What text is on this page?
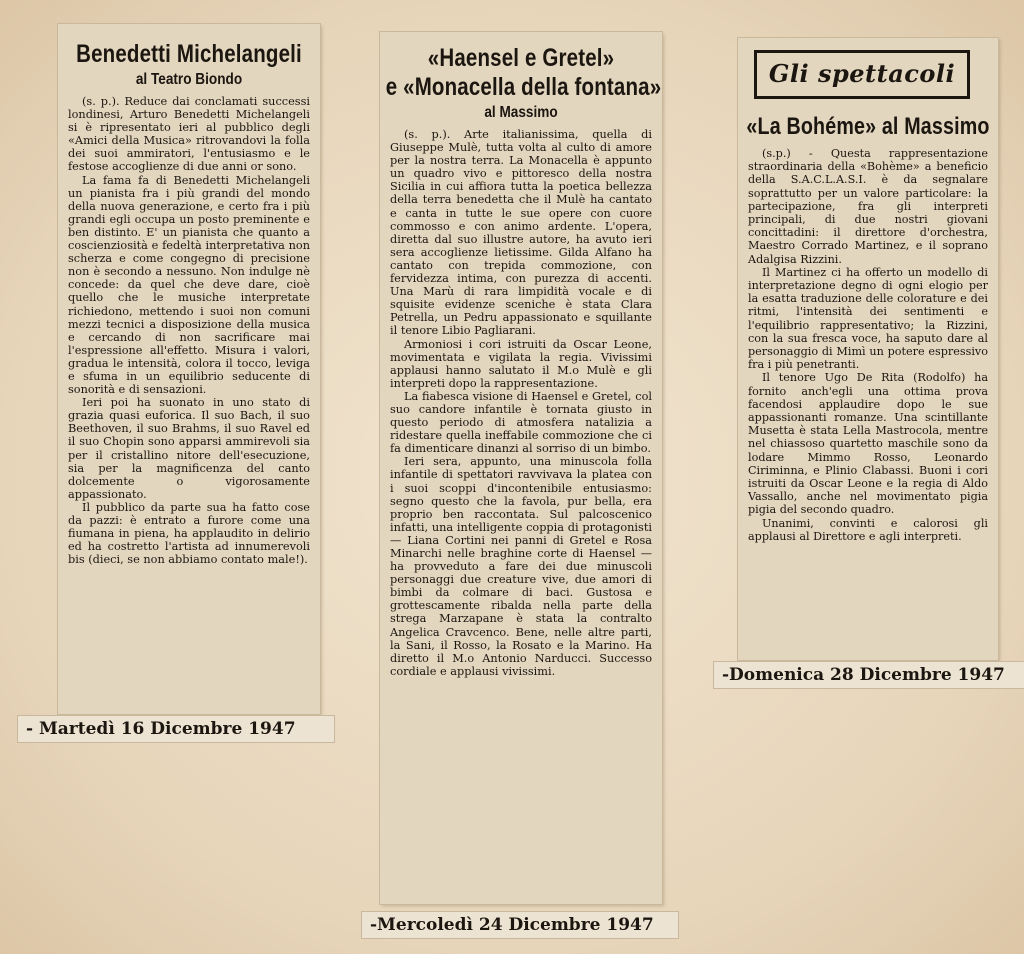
Benedetti Michelangeli
al Teatro Biondo

(s. p.). Reduce dai conclamati successi londinesi, Arturo Benedetti Michelangeli si è ripresentato ieri al pubblico degli «Amici della Musica» ritrovandovi la folla dei suoi ammiratori, l'entusiasmo e le festose accoglienze di due anni or sono.

La fama fa di Benedetti Michelangeli un pianista fra i più grandi del mondo della nuova generazione, e certo fra i più grandi egli occupa un posto preminente e ben distinto. E' un pianista che quanto a coscienziosità e fedeltà interpretativa non scherza e come congegno di precisione non è secondo a nessuno. Non indulge nè concede: da quel che deve dare, cioè quello che le musiche interpretate richiedono, mettendo i suoi non comuni mezzi tecnici a disposizione della musica e cercando di non sacrificare mai l'espressione all'effetto. Misura i valori, gradua le intensità, colora il tocco, leviga e sfuma in un equilibrio seducente di sonorità e di sensazioni.

Ieri poi ha suonato in uno stato di grazia quasi euforica. Il suo Bach, il suo Beethoven, il suo Brahms, il suo Ravel ed il suo Chopin sono apparsi ammirevoli sia per il cristallino nitore dell'esecuzione, sia per la magnificenza del canto dolcemente o vigorosamente appassionato.

Il pubblico da parte sua ha fatto cose da pazzi: è entrato a furore come una fiumana in piena, ha applaudito in delirio ed ha costretto l'artista ad innumerevoli bis (dieci, se non abbiamo contato male!).

- Martedì 16 Dicembre 1947
«Haensel e Gretel»
e «Monacella della fontana»
al Massimo

(s. p.). Arte italianissima, quella di Giuseppe Mulè, tutta volta al culto di amore per la nostra terra. La Monacella è appunto un quadro vivo e pittoresco della nostra Sicilia in cui affiora tutta la poetica bellezza della terra benedetta che il Mulè ha cantato e canta in tutte le sue opere con cuore commosso e con animo ardente. L'opera, diretta dal suo illustre autore, ha avuto ieri sera accoglienze lietissime. Gilda Alfano ha cantato con trepida commozione, con fervidezza intima, con purezza di accenti. Una Marù di rara limpidità vocale e di squisite evidenze sceniche è stata Clara Petrella, un Pedru appassionato e squillante il tenore Libio Pagliarani.

Armoniosi i cori istruiti da Oscar Leone, movimentata e vigilata la regia. Vivissimi applausi hanno salutato il M.o Mulè e gli interpreti dopo la rappresentazione.

La fiabesca visione di Haensel e Gretel, col suo candore infantile è tornata giusto in questo periodo di atmosfera natalizia a ridestare quella ineffabile commozione che ci fa dimenticare dinanzi al sorriso di un bimbo.

Ieri sera, appunto, una minuscola folla infantile di spettatori ravvivava la platea con i suoi scoppi d'incontenibile entusiasmo: segno questo che la favola, pur bella, era proprio ben raccontata. Sul palcoscenico infatti, una intelligente coppia di protagonisti — Liana Cortini nei panni di Gretel e Rosa Minarchi nelle braghine corte di Haensel — ha provveduto a fare dei due minuscoli personaggi due creature vive, due amori di bimbi da colmare di baci. Gustosa e grottescamente ribalda nella parte della strega Marzapane è stata la contralto Angelica Cravcenco. Bene, nelle altre parti, la Sani, il Rosso, la Rosato e la Marino. Ha diretto il M.o Antonio Narducci. Successo cordiale e applausi vivissimi.

-Mercoledì 24 Dicembre 1947
Gli spettacoli
«La Bohéme» al Massimo

(s.p.) - Questa rappresentazione straordinaria della «Bohème» a beneficio della S.A.C.L.A.S.I. è da segnalare soprattutto per un valore particolare: la partecipazione, fra gli interpreti principali, di due nostri giovani concittadini: il direttore d'orchestra, Maestro Corrado Martinez, e il soprano Adalgisa Rizzini.

Il Martinez ci ha offerto un modello di interpretazione degno di ogni elogio per la esatta traduzione delle colorature e dei ritmi, l'intensità dei sentimenti e l'equilibrio rappresentativo; la Rizzini, con la sua fresca voce, ha saputo dare al personaggio di Mimì un potere espressivo fra i più penetranti.

Il tenore Ugo De Rita (Rodolfo) ha fornito anch'egli una ottima prova facendosi applaudire dopo le sue appassionanti romanze. Una scintillante Musetta è stata Lella Mastrocola, mentre nel chiassoso quartetto maschile sono da lodare Mimmo Rosso, Leonardo Ciriminna, e Plinio Clabassi. Buoni i cori istruiti da Oscar Leone e la regia di Aldo Vassallo, anche nel movimentato pigia pigia del secondo quadro.

Unanimi, convinti e calorosi gli applausi al Direttore e agli interpreti.

-Domenica 28 Dicembre 1947
